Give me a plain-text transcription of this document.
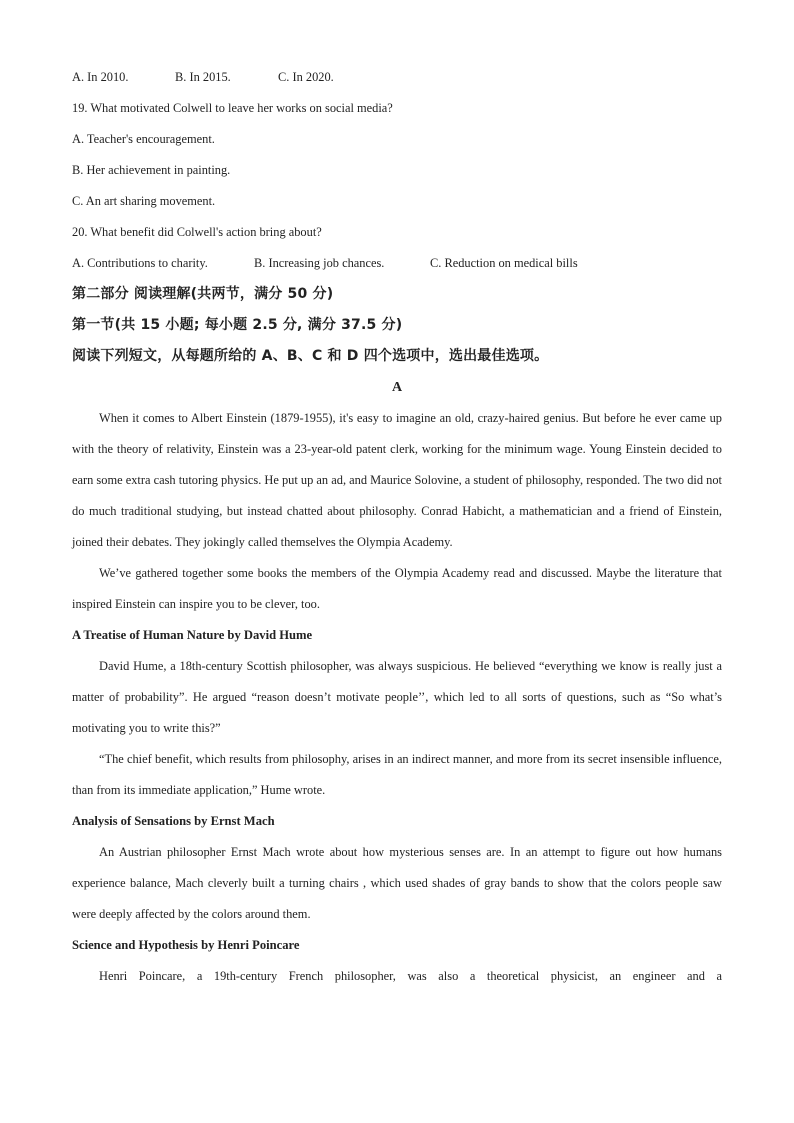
A. In 2010.	B. In 2015.	C. In 2020.

19. What motivated Colwell to leave her works on social media?

A. Teacher's encouragement.

B. Her achievement in painting.

C. An art sharing movement.

20. What benefit did Colwell's action bring about?

A. Contributions to charity.	B. Increasing job chances.	C. Reduction on medical bills

第二部分 阅读理解(共两节，满分 50 分)

第一节(共 15 小题; 每小题 2.5 分, 满分 37.5 分)

阅读下列短文，从每题所给的 A、B、C 和 D 四个选项中，选出最佳选项。

A

When it comes to Albert Einstein (1879-1955), it's easy to imagine an old, crazy-haired genius. But before he ever came up with the theory of relativity, Einstein was a 23-year-old patent clerk, working for the minimum wage. Young Einstein decided to earn some extra cash tutoring physics. He put up an ad, and Maurice Solovine, a student of philosophy, responded. The two did not do much traditional studying, but instead chatted about philosophy. Conrad Habicht, a mathematician and a friend of Einstein, joined their debates. They jokingly called themselves the Olympia Academy.

We’ve gathered together some books the members of the Olympia Academy read and discussed. Maybe the literature that inspired Einstein can inspire you to be clever, too.

A Treatise of Human Nature by David Hume

David Hume, a 18th-century Scottish philosopher, was always suspicious. He believed “everything we know is really just a matter of probability”. He argued “reason doesn’t motivate people’’, which led to all sorts of questions, such as “So what’s motivating you to write this?”

“The chief benefit, which results from philosophy, arises in an indirect manner, and more from its secret insensible influence, than from its immediate application,” Hume wrote.

Analysis of Sensations by Ernst Mach

An Austrian philosopher Ernst Mach wrote about how mysterious senses are. In an attempt to figure out how humans experience balance, Mach cleverly built a turning chairs , which used shades of gray bands to show that the colors people saw were deeply affected by the colors around them.

Science and Hypothesis by Henri Poincare

Henri Poincare, a 19th-century French philosopher, was also a theoretical physicist, an engineer and a
